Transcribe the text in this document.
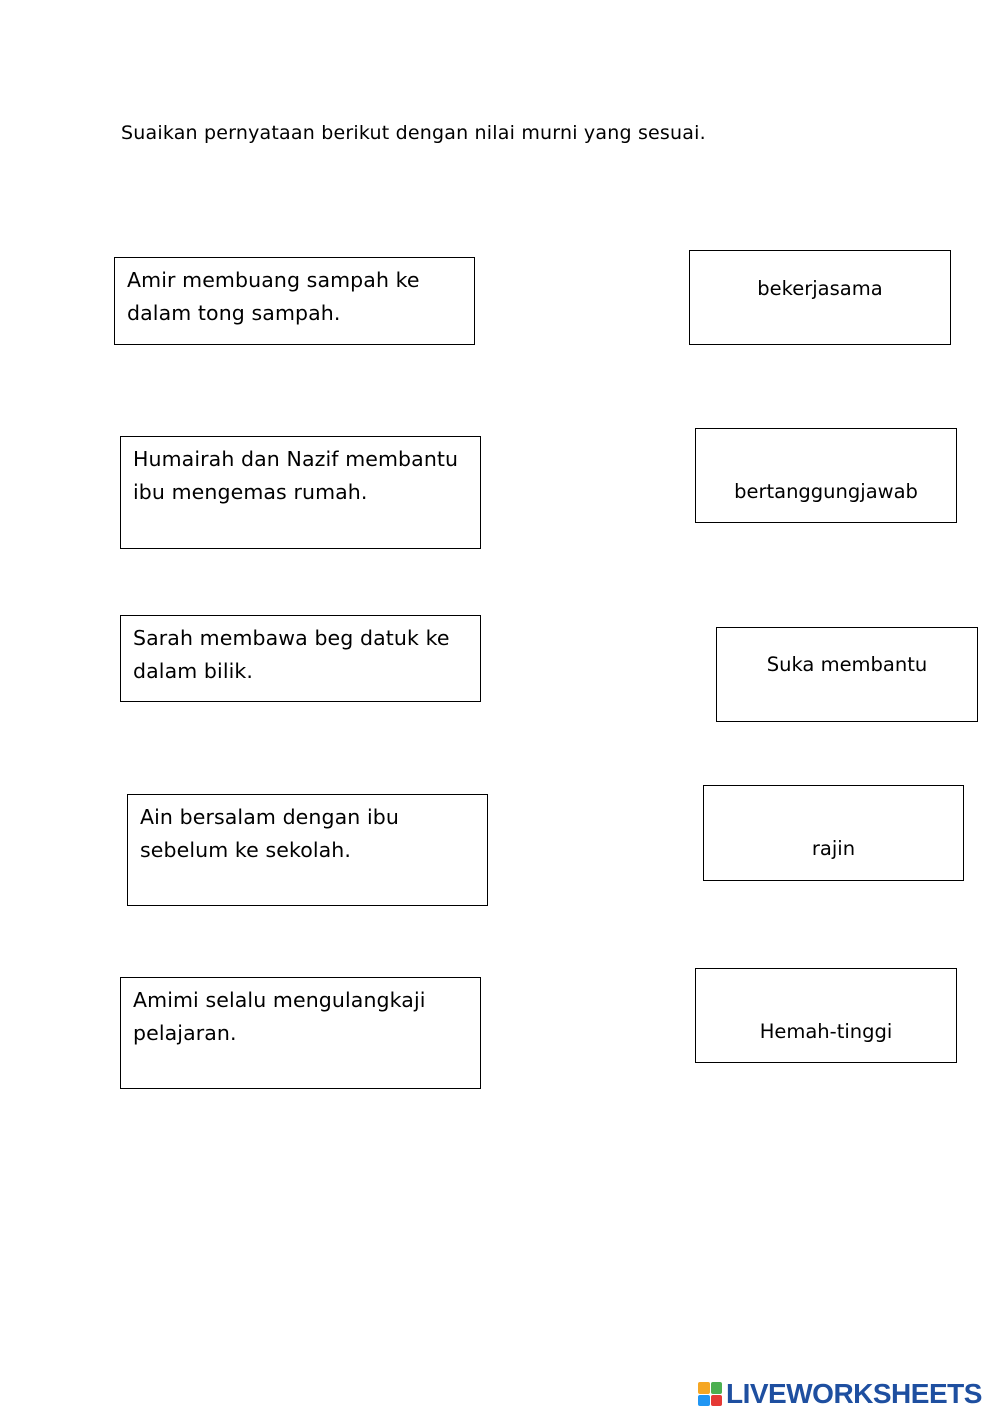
Suaikan pernyataan berikut dengan nilai murni yang sesuai.
Amir membuang sampah ke dalam tong sampah.
Humairah dan Nazif membantu ibu mengemas rumah.
Sarah membawa beg datuk ke dalam bilik.
Ain bersalam dengan ibu sebelum ke sekolah.
Amimi selalu mengulangkaji pelajaran.
bekerjasama
bertanggungjawab
Suka membantu
rajin
Hemah-tinggi
LIVEWORKSHEETS
